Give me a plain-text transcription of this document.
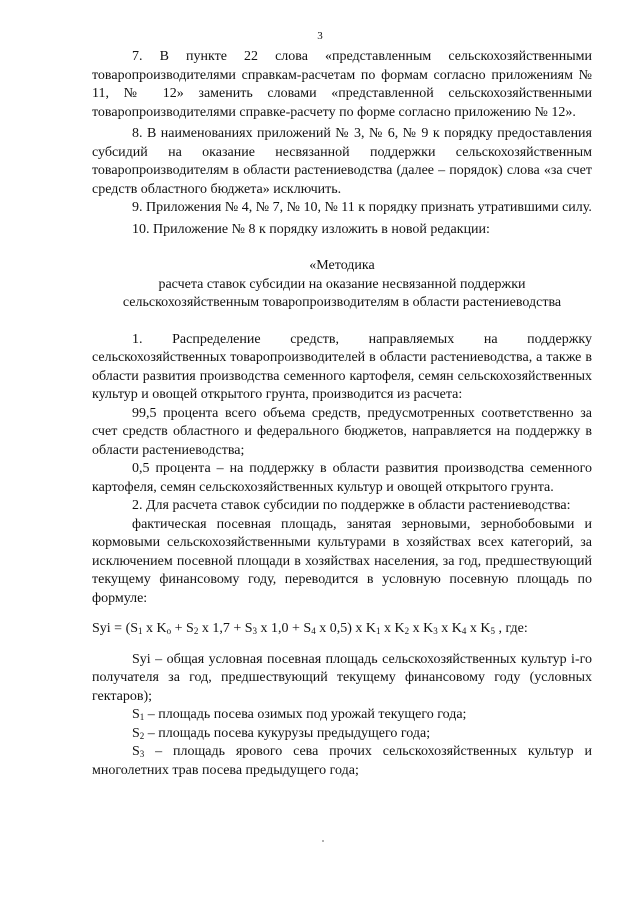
3

7. В пункте 22 слова «представленным сельскохозяйственными товаропроизводителями справкам-расчетам по формам согласно приложениям № 11, № 12» заменить словами «представленной сельскохозяйственными товаропроизводителями справке-расчету по форме согласно приложению № 12».

8. В наименованиях приложений № 3, № 6, № 9 к порядку предоставления субсидий на оказание несвязанной поддержки сельскохозяйственным товаропроизводителям в области растениеводства (далее – порядок) слова «за счет средств областного бюджета» исключить.

9. Приложения № 4, № 7, № 10, № 11 к порядку признать утратившими силу.

10. Приложение № 8 к порядку изложить в новой редакции:

«Методика

расчета ставок субсидии на оказание несвязанной поддержки сельскохозяйственным товаропроизводителям в области растениеводства

1. Распределение средств, направляемых на поддержку сельскохозяйственных товаропроизводителей в области растениеводства, а также в области развития производства семенного картофеля, семян сельскохозяйственных культур и овощей открытого грунта, производится из расчета:

99,5 процента всего объема средств, предусмотренных соответственно за счет средств областного и федерального бюджетов, направляется на поддержку в области растениеводства;

0,5 процента – на поддержку в области развития производства семенного картофеля, семян сельскохозяйственных культур и овощей открытого грунта.

2. Для расчета ставок субсидии по поддержке в области растениеводства:

фактическая посевная площадь, занятая зерновыми, зернобобовыми и кормовыми сельскохозяйственными культурами в хозяйствах всех категорий, за исключением посевной площади в хозяйствах населения, за год, предшествующий текущему финансовому году, переводится в условную посевную площадь по формуле:

Syi = ($S_1$ x $K_о + S_2$ x $1,7 + S_3$ x $1,0 + S_4$ x 0,5) x $K_1$ x $K_2$ x $K_3$ x $K_4$ x $K_5$ , где:

Syi – общая условная посевная площадь сельскохозяйственных культур i-го получателя за год, предшествующий текущему финансовому году (условных гектаров);

$S_1$ – площадь посева озимых под урожай текущего года;

$S_2$ – площадь посева кукурузы предыдущего года;

$S_3$ – площадь ярового сева прочих сельскохозяйственных культур и многолетних трав посева предыдущего года;
